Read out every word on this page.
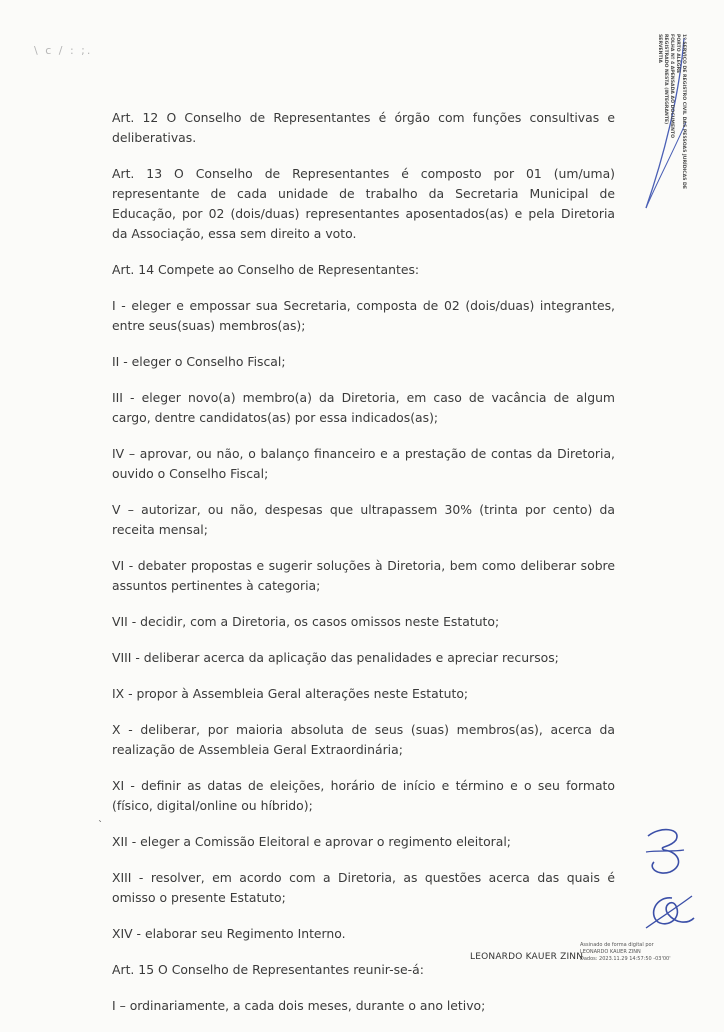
\ c / : ;.
1º SERVIÇO DE REGISTRO CIVIL DAS PESSOAS JURÍDICAS DE PORTO ALEGRE
FOLHA Nº 4 APENSADA AO DOCUMENTO
REGISTRADO NESTA (INTEGRANTE)
SERVENTIA

Art. 12 O Conselho de Representantes é órgão com funções consultivas e deliberativas.

Art. 13 O Conselho de Representantes é composto por 01 (um/uma) representante de cada unidade de trabalho da Secretaria Municipal de Educação, por 02 (dois/duas) representantes aposentados(as) e pela Diretoria da Associação, essa sem direito a voto.

Art. 14 Compete ao Conselho de Representantes:

I - eleger e empossar sua Secretaria, composta de 02 (dois/duas) integrantes, entre seus(suas) membros(as);

II - eleger o Conselho Fiscal;

III - eleger novo(a) membro(a) da Diretoria, em caso de vacância de algum cargo, dentre candidatos(as) por essa indicados(as);

IV – aprovar, ou não, o balanço financeiro e a prestação de contas da Diretoria, ouvido o Conselho Fiscal;

V – autorizar, ou não, despesas que ultrapassem 30% (trinta por cento) da receita mensal;

VI - debater propostas e sugerir soluções à Diretoria, bem como deliberar sobre assuntos pertinentes à categoria;

VII - decidir, com a Diretoria, os casos omissos neste Estatuto;

VIII - deliberar acerca da aplicação das penalidades e apreciar recursos;

IX - propor à Assembleia Geral alterações neste Estatuto;

X - deliberar, por maioria absoluta de seus (suas) membros(as), acerca da realização de Assembleia Geral Extraordinária;

XI - definir as datas de eleições, horário de início e término e o seu formato (físico, digital/online ou híbrido);

XII - eleger a Comissão Eleitoral e aprovar o regimento eleitoral;

XIII - resolver, em acordo com a Diretoria, as questões acerca das quais é omisso o presente Estatuto;

XIV - elaborar seu Regimento Interno.

Art. 15 O Conselho de Representantes reunir-se-á:

I – ordinariamente, a cada dois meses, durante o ano letivo;

`
LEONARDO KAUER ZINN
Assinado de forma digital por
LEONARDO KAUER ZINN
Dados: 2023.11.29 14:57:50 -03'00'
